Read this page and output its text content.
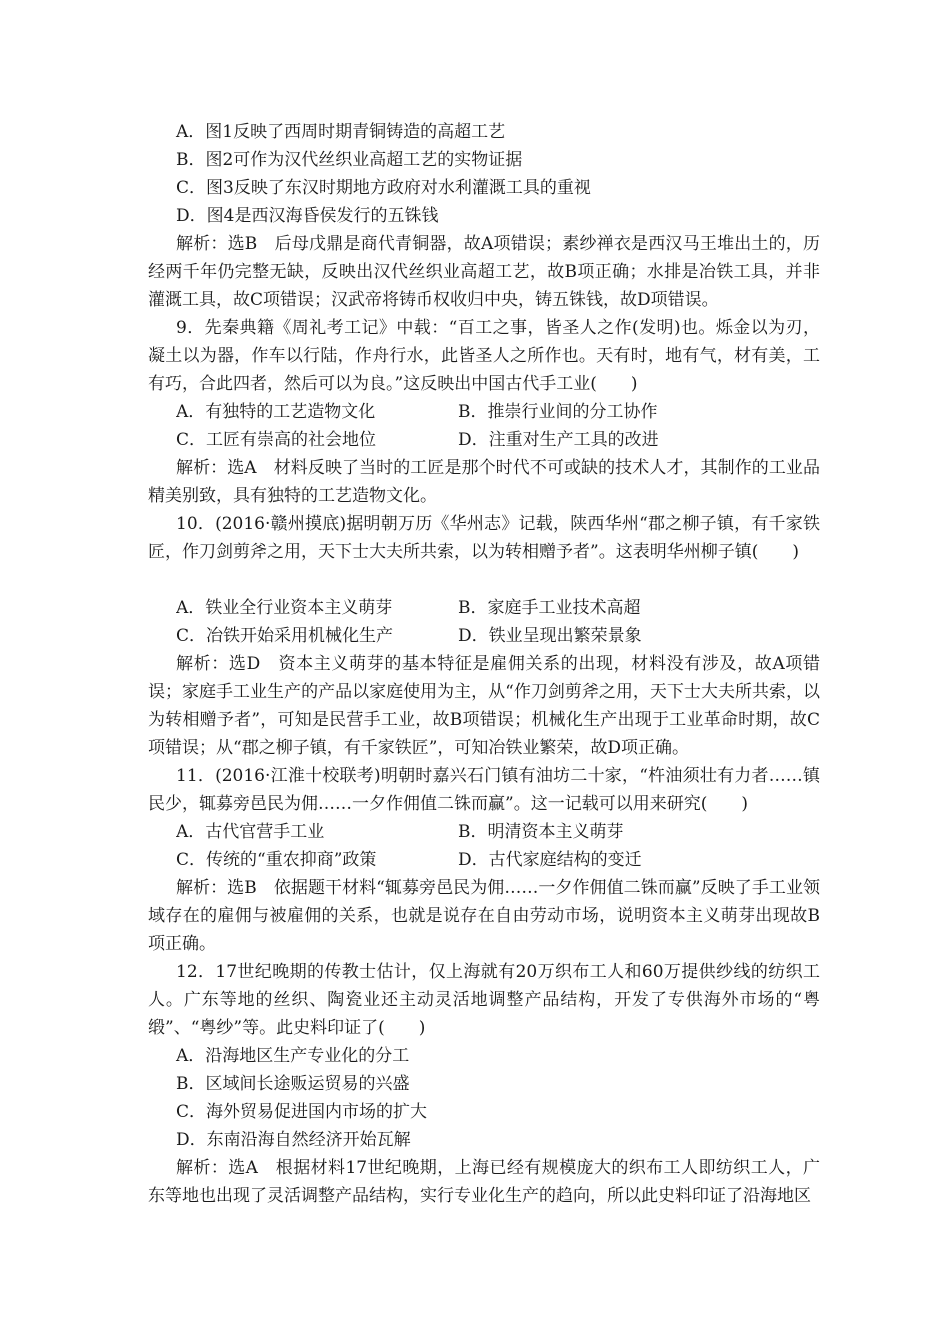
A．图1反映了西周时期青铜铸造的高超工艺
B．图2可作为汉代丝织业高超工艺的实物证据
C．图3反映了东汉时期地方政府对水利灌溉工具的重视
D．图4是西汉海昏侯发行的五铢钱
解析：选B　后母戊鼎是商代青铜器，故A项错误；素纱禅衣是西汉马王堆出土的，历经两千年仍完整无缺，反映出汉代丝织业高超工艺，故B项正确；水排是冶铁工具，并非灌溉工具，故C项错误；汉武帝将铸币权收归中央，铸五铢钱，故D项错误。
9．先秦典籍《周礼考工记》中载：“百工之事，皆圣人之作(发明)也。烁金以为刃，凝土以为器，作车以行陆，作舟行水，此皆圣人之所作也。天有时，地有气，材有美，工有巧，合此四者，然后可以为良。”这反映出中国古代手工业(　　)
A．有独特的工艺造物文化	B．推崇行业间的分工协作
C．工匠有崇高的社会地位	D．注重对生产工具的改进
解析：选A　材料反映了当时的工匠是那个时代不可或缺的技术人才，其制作的工业品精美别致，具有独特的工艺造物文化。
10．(2016·赣州摸底)据明朝万历《华州志》记载，陕西华州“郡之柳子镇，有千家铁匠，作刀剑剪斧之用，天下士大夫所共索，以为转相赠予者”。这表明华州柳子镇(　　)
A．铁业全行业资本主义萌芽	B．家庭手工业技术高超
C．冶铁开始采用机械化生产	D．铁业呈现出繁荣景象
解析：选D　资本主义萌芽的基本特征是雇佣关系的出现，材料没有涉及，故A项错误；家庭手工业生产的产品以家庭使用为主，从“作刀剑剪斧之用，天下士大夫所共索，以为转相赠予者”，可知是民营手工业，故B项错误；机械化生产出现于工业革命时期，故C项错误；从“郡之柳子镇，有千家铁匠”，可知冶铁业繁荣，故D项正确。
11．(2016·江淮十校联考)明朝时嘉兴石门镇有油坊二十家，“杵油须壮有力者……镇民少，辄募旁邑民为佣……一夕作佣值二铢而赢”。这一记载可以用来研究(　　)
A．古代官营手工业	B．明清资本主义萌芽
C．传统的“重农抑商”政策	D．古代家庭结构的变迁
解析：选B　依据题干材料“辄募旁邑民为佣……一夕作佣值二铢而赢”反映了手工业领域存在的雇佣与被雇佣的关系，也就是说存在自由劳动市场，说明资本主义萌芽出现故B项正确。
12．17世纪晚期的传教士估计，仅上海就有20万织布工人和60万提供纱线的纺织工人。广东等地的丝织、陶瓷业还主动灵活地调整产品结构，开发了专供海外市场的“粤缎”、“粤纱”等。此史料印证了(　　)
A．沿海地区生产专业化的分工
B．区域间长途贩运贸易的兴盛
C．海外贸易促进国内市场的扩大
D．东南沿海自然经济开始瓦解
解析：选A　根据材料17世纪晚期，上海已经有规模庞大的织布工人即纺织工人，广东等地也出现了灵活调整产品结构，实行专业化生产的趋向，所以此史料印证了沿海地区
